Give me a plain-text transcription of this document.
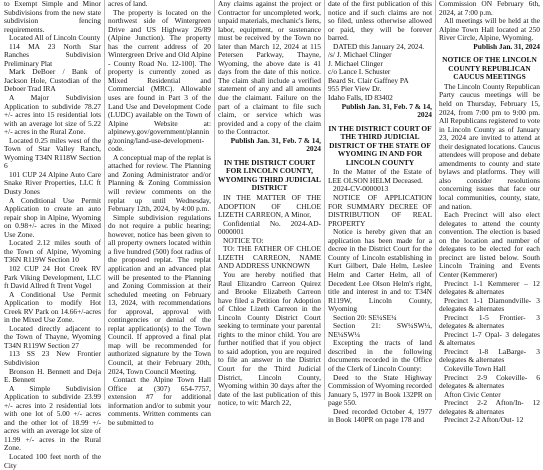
to Exempt Simple and Minor Subdivisions from the new state subdivision fencing requirements.

Located All of Lincoln County

114 MA 23 North Star Ranches Subdivision Preliminary Plat

Mark DeBoer / Bank of Jackson Hole, Custodian of the Deboer Trad IRA

A Major Subdivision Application to subdivide 78.27 +/- acres into 15 residential lots with an average lot size of 5.22 +/- acres in the Rural Zone.

Located 0.25 miles west of the Town of Star Valley Ranch, Wyoming T34N R118W Section 6

101 CUP 24 Alpine Auto Care Snake River Properties, LLC ft Dusty Jones

A Conditional Use Permit Application to create an auto repair shop in Alpine, Wyoming on 0.98+/- acres in the Mixed Use Zone.

Located 2.12 miles south of the Town of Alpine, Wyoming T36N R119W Section 10

102 CUP 24 Hot Creek RV Park Viking Development, LLC ft David Allred ft Trent Vogel

A Conditional Use Permit Application to modify Hot Creek RV Park on 14.66+/-acres in the Mixed Use Zone.

Located directly adjacent to the Town of Thayne, Wyoming T34N R119W Section 27

113 SS 23 New Frontier Subdivision

Bronson H. Bennett and Deja E. Bennett

A Simple Subdivision Application to subdivide 23.99 +/- acres into 2 residential lots with one lot of 5.00 +/- acres and the other lot of 18.99 +/- acres with an average lot size of 11.99 +/- acres in the Rural Zone.

Located 100 feet north of the City

acres of land.

The property is located on the northwest side of Wintergreen Drive and US Highway 26/89 (Alpine Junction). The property has the current address of 20 Wintergreen Drive and Old Alpine - County Road No. 12-100]. The property is currently zoned as Mixed Residential and Commercial (MRC). Allowable uses are found in Part 3 of the Land Use and Development Code (LUDC) available on the Town of Alpine Website at: alpinewy.gov/government/planning/zoning/land-use-development-code.

A conceptual map of the replat is attached for review. The Planning and Zoning Administrator and/or Planning & Zoning Commission will review comments on the replat up until Wednesday, February 12th, 2024, by 4:00 p.m.

Simple subdivision regulations do not require a public hearing; however, notice has been given to all property owners located within a five hundred (500) foot radius of the proposed replat. The replat application and an advanced plat will be presented to the Planning and Zoning Commission at their scheduled meeting on February 13, 2024, with recommendations for approval, approval with contingencies or denial of the replat application(s) to the Town Council. If approved a final plat map will be recommended for authorized signature by the Town Council, at their February 20th, 2024, Town Council Meeting.

Contact the Alpine Town Hall Office at (307) 654-7757, extension #7 for additional information and/or to submit your comments. Written comments can be submitted to

Any claims against the project or Contractor for uncompleted work, unpaid materials, mechanic's liens, labor, equipment, or sustenance must be received by the Town no later than March 12, 2024 at 115 Petersen Parkway, Thayne, Wyoming, the above date is 41 days from the date of this notice. The claim shall include a verified statement of any and all amounts due the claimant. Failure on the part of a claimant to file such claim, or service which was provided and a copy of the claim to the Contractor.

Publish Jan. 31, Feb. 7 & 14, 2024

IN THE DISTRICT COURT FOR LINCOLN COUNTY, WYOMING THIRD JUDICIAL DISTRICT

IN THE MATTER OF THE ADOPTION OF CHLOE LIZETH CARREON, A Minor,

Confidential No. 2024-AD-0000001

NOTICE TO:

TO: THE FATHER OF CHLOE LIZETH CARREON, NAME AND ADDRESS UNKNOWN

You are hereby notified that Raul Elizandro Carreon Quirez and Brooke Elizabeth Carreon have filed a Petition for Adoption of Chloe Lizeth Carreon in the Lincoln County District Court seeking to terminate your parental rights to the minor child. You are further notified that if you object to said adoption, you are required to file an answer in the District Court for the Third Judicial District, Lincoln County, Wyoming within 30 days after the date of the last publication of this notice, to wit: March 22,

date of the first publication of this notice and if such claims are not so filed, unless otherwise allowed or paid, they will be forever barred.

DATED this January 24, 2024.

/s/ J. Michael Clinger

J. Michael Clinger

c/o Lance I. Schuster

Beard St. Clair Gaffney PA

955 Pier View Dr.

Idaho Falls, ID 83402

Publish Jan. 31, Feb. 7 & 14, 2024

IN THE DISTRICT COURT OF THE THIRD JUDICIAL DISTRICT OF THE STATE OF WYOMING IN AND FOR LINCOLN COUNTY

In the Matter of the Estate of LEE OLSON HELM Deceased.

2024-CV-0000013

NOTICE OF APPLICATION FOR SUMMARY DECREE OF DISTRIBUTION OF REAL PROPERTY

Notice is hereby given that an application has been made for a decree in the District Court for the County of Lincoln establishing in Kurt Gilbert, Dale Helm, Leslee Helm and Carter Helm, all of Decedent Lee Olson Helm's right, title and interest in and to: T34N R119W, Lincoln County, Wyoming

Section 20: SE¼SE¼

Section 21: SW¼SW¼, NE¼SW¼

Excepting the tracts of land described in the following documents recorded in the Office of the Clerk of Lincoln County:

Deed to the State Highway Commission of Wyoming recorded January 5, 1977 in Book 132PR on page 550.

Deed recorded October 4, 1977 in Book 140PR on page 178 and

Commission ON February 6th, 2024, at 7:00 p.m.

All meetings will be held at the Alpine Town Hall located at 250 River Circle, Alpine, Wyoming.

Publish Jan. 31, 2024

NOTICE OF THE LINCOLN COUNTY REPUBLICAN CAUCUS MEETINGS

The Lincoln County Republican Party caucus meetings will be held on Thursday, February 15, 2024, from 7:00 pm to 9:00 pm. All Republicans registered to vote in Lincoln County as of January 23, 2024 are invited to attend at their designated locations. Caucus attendees will propose and debate amendments to county and state bylaws and platforms. They will also consider resolutions concerning issues that face our local communities, county, state, and nation.

Each Precinct will also elect delegates to attend the county convention. The election is based on the location and number of delegates to be elected for each precinct are listed below. South Lincoln Training and Events Center (Kemmerer)

Precinct 1-1 Kemmerer – 12 delegates & alternates

Precinct 1-1 Diamondville- 3 delegates & alternates

Precinct 1-5 Frontier- 3 delegates & alternates

Precinct 1-7 Opal- 3 delegates & alternates

Precinct 1-8 LaBarge- 3 delegates & alternates

Cokeville Town Hall

Precinct 2-9 Cokeville- 6 delegates & alternates

Afton Civic Center

Precinct 2-2 Afton/In- 12 delegates & alternates

Precinct 2-2 Afton/Out- 12
